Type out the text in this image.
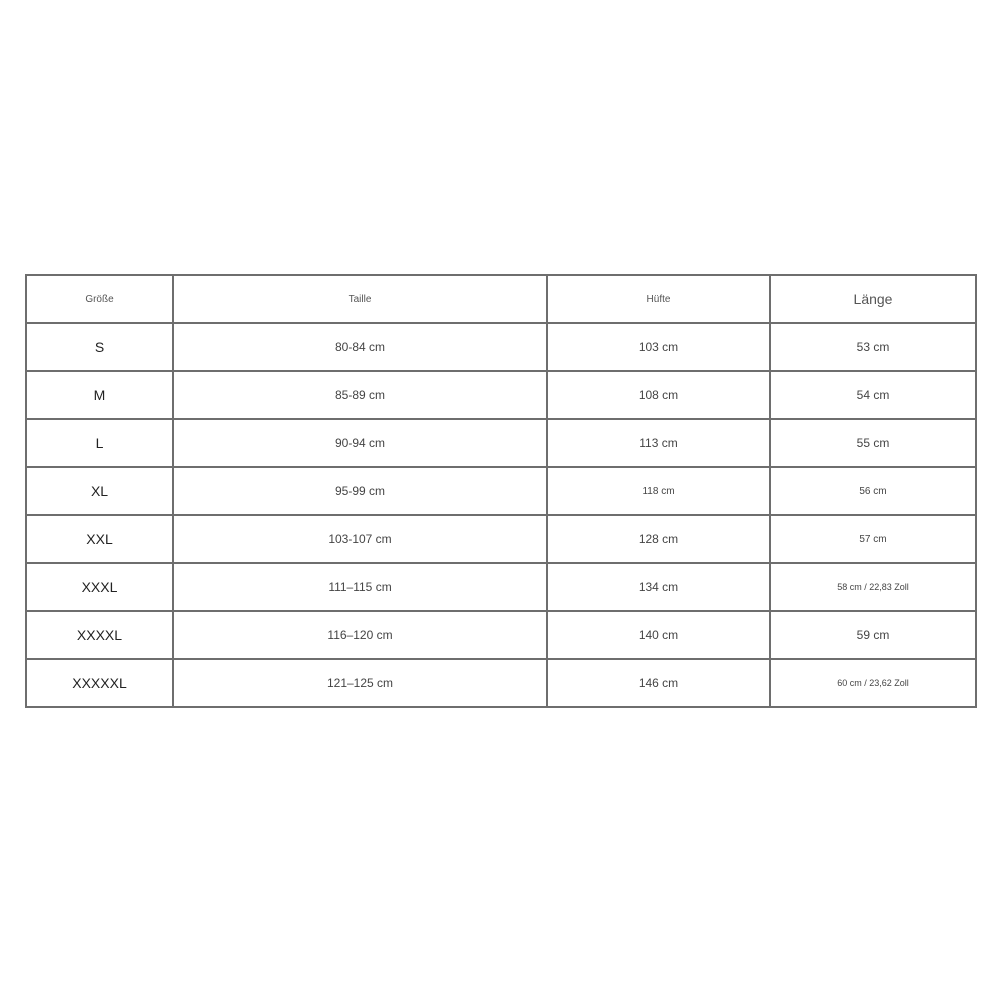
Größe	Taille	Hüfte	Länge
S	80-84 cm	103 cm	53 cm
M	85-89 cm	108 cm	54 cm
L	90-94 cm	113 cm	55 cm
XL	95-99 cm	118 cm	56 cm
XXL	103-107 cm	128 cm	57 cm
XXXL	111–115 cm	134 cm	58 cm / 22,83 Zoll
XXXXL	116–120 cm	140 cm	59 cm
XXXXXL	121–125 cm	146 cm	60 cm / 23,62 Zoll
